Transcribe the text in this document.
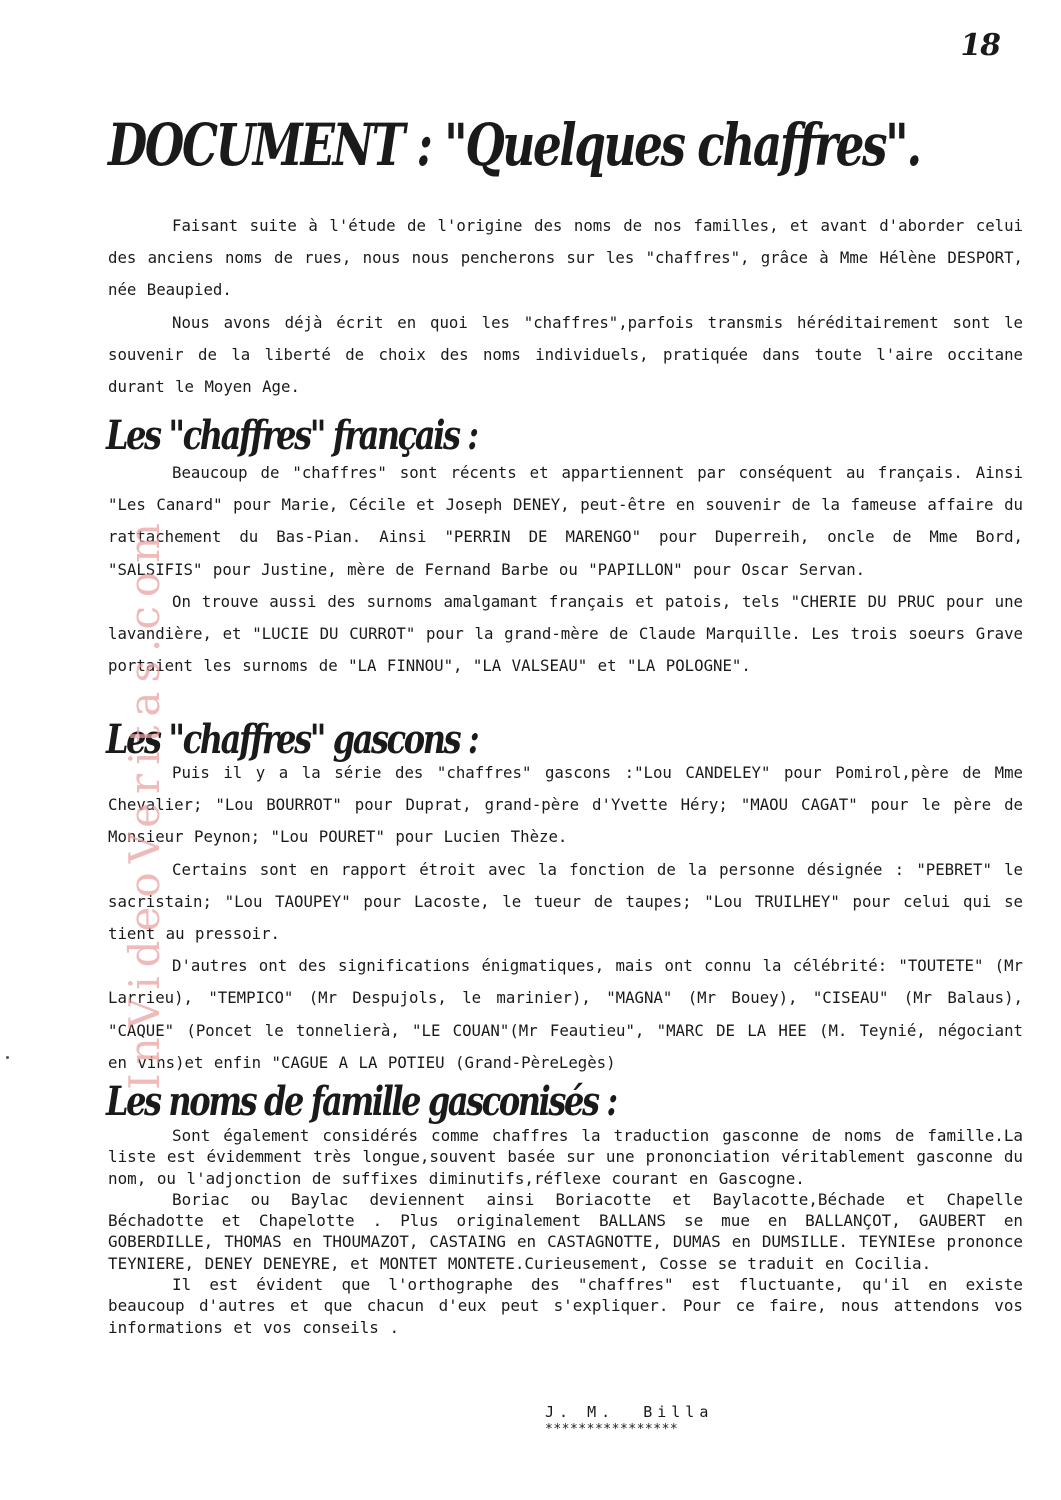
18
DOCUMENT : "Quelques chaffres".

Faisant suite à l'étude de l'origine des noms de nos familles, et avant d'aborder celui des anciens noms de rues, nous nous pencherons sur les "chaffres", grâce à Mme Hélène DESPORT, née Beaupied.

Nous avons déjà écrit en quoi les "chaffres",parfois transmis héréditairement sont le souvenir de la liberté de choix des noms individuels, pratiquée dans toute l'aire occitane durant le Moyen Age.

Les "chaffres" français :

Beaucoup de "chaffres" sont récents et appartiennent par conséquent au français. Ainsi "Les Canard" pour Marie, Cécile et Joseph DENEY, peut-être en souvenir de la fameuse affaire du rattachement du Bas-Pian. Ainsi "PERRIN DE MARENGO" pour Duperreih, oncle de Mme Bord, "SALSIFIS" pour Justine, mère de Fernand Barbe ou "PAPILLON" pour Oscar Servan.

On trouve aussi des surnoms amalgamant français et patois, tels "CHERIE DU PRUC pour une lavandière, et "LUCIE DU CURROT" pour la grand-mère de Claude Marquille. Les trois soeurs Grave portaient les surnoms de "LA FINNOU", "LA VALSEAU" et "LA POLOGNE".

Les "chaffres" gascons :

Puis il y a la série des "chaffres" gascons :"Lou CANDELEY" pour Pomirol,père de Mme Chevalier; "Lou BOURROT" pour Duprat, grand-père d'Yvette Héry; "MAOU CAGAT" pour le père de Monsieur Peynon; "Lou POURET" pour Lucien Thèze.

Certains sont en rapport étroit avec la fonction de la personne désignée : "PEBRET" le sacristain; "Lou TAOUPEY" pour Lacoste, le tueur de taupes; "Lou TRUILHEY" pour celui qui se tient au pressoir.

D'autres ont des significations énigmatiques, mais ont connu la célébrité: "TOUTETE" (Mr Larrieu), "TEMPICO" (Mr Despujols, le marinier), "MAGNA" (Mr Bouey), "CISEAU" (Mr Balaus), "CAQUE" (Poncet le tonnelierà, "LE COUAN"(Mr Feautieu", "MARC DE LA HEE (M. Teynié, négociant en vins)et enfin "CAGUE A LA POTIEU (Grand-PèreLegès)

Les noms de famille gasconisés :

Sont également considérés comme chaffres la traduction gasconne de noms de famille.La liste est évidemment très longue,souvent basée sur une prononciation véritablement gasconne du nom, ou l'adjonction de suffixes diminutifs,réflexe courant en Gascogne.

Boriac ou Baylac deviennent ainsi Boriacotte et Baylacotte,Béchade et Chapelle Béchadotte et Chapelotte . Plus originalement BALLANS se mue en BALLANÇOT, GAUBERT en GOBERDILLE, THOMAS en THOUMAZOT, CASTAING en CASTAGNOTTE, DUMAS en DUMSILLE. TEYNIEse prononce TEYNIERE, DENEY DENEYRE, et MONTET MONTETE.Curieusement, Cosse se traduit en Cocilia.

Il est évident que l'orthographe des "chaffres" est fluctuante, qu'il en existe beaucoup d'autres et que chacun d'eux peut s'expliquer. Pour ce faire, nous attendons vos informations et vos conseils .

J. M.  Billa
****************
InVideoVeritas.com
